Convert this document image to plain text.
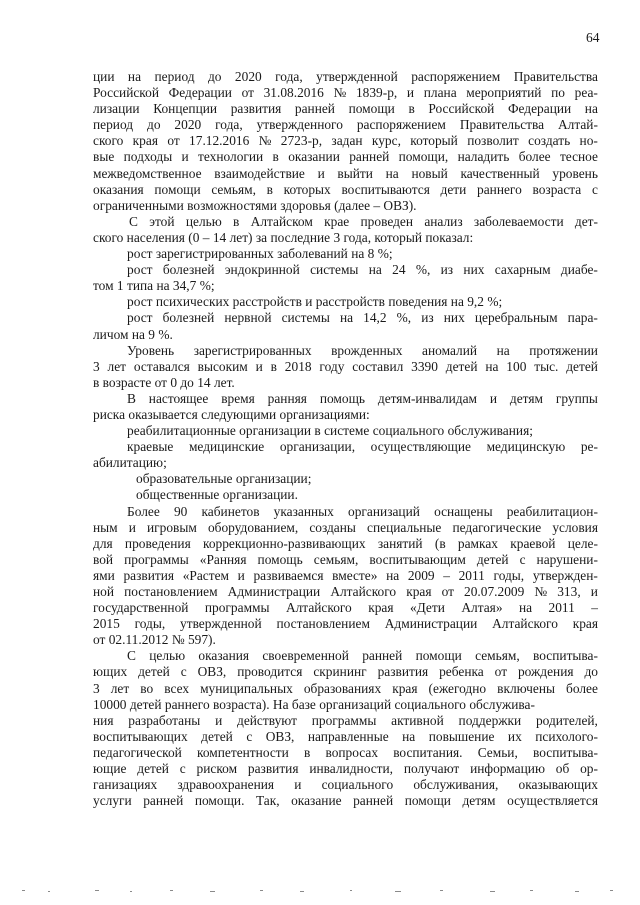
64
ции на период до 2020 года, утвержденной распоряжением Правительства
Российской Федерации от 31.08.2016 № 1839-р, и плана мероприятий по реа-
лизации Концепции развития ранней помощи в Российской Федерации на
период до 2020 года, утвержденного распоряжением Правительства Алтай-
ского края от 17.12.2016 № 2723-р, задан курс, который позволит создать но-
вые подходы и технологии в оказании ранней помощи, наладить более тесное
межведомственное взаимодействие и выйти на новый качественный уровень
оказания помощи семьям, в которых воспитываются дети раннего возраста с
ограниченными возможностями здоровья (далее – ОВЗ).
С этой целью в Алтайском крае проведен анализ заболеваемости дет-
ского населения (0 – 14 лет) за последние 3 года, который показал:
рост зарегистрированных заболеваний на 8 %;
рост болезней эндокринной системы на 24 %, из них сахарным диабе-
том 1 типа на 34,7 %;
рост психических расстройств и расстройств поведения на 9,2 %;
рост болезней нервной системы на 14,2 %, из них церебральным пара-
личом на 9 %.
Уровень зарегистрированных врожденных аномалий на протяжении
3 лет оставался высоким и в 2018 году составил 3390 детей на 100 тыс. детей
в возрасте от 0 до 14 лет.
В настоящее время ранняя помощь детям-инвалидам и детям группы
риска оказывается следующими организациями:
реабилитационные организации в системе социального обслуживания;
краевые медицинские организации, осуществляющие медицинскую ре-
абилитацию;
образовательные организации;
общественные организации.
Более 90 кабинетов указанных организаций оснащены реабилитацион-
ным и игровым оборудованием, созданы специальные педагогические условия
для проведения коррекционно-развивающих занятий (в рамках краевой целе-
вой программы «Ранняя помощь семьям, воспитывающим детей с нарушени-
ями развития «Растем и развиваемся вместе» на 2009 – 2011 годы, утвержден-
ной постановлением Администрации Алтайского края от 20.07.2009 № 313, и
государственной программы Алтайского края «Дети Алтая» на 2011 –
2015 годы, утвержденной постановлением Администрации Алтайского края
от 02.11.2012 № 597).
С целью оказания своевременной ранней помощи семьям, воспитыва-
ющих детей с ОВЗ, проводится скрининг развития ребенка от рождения до
3 лет во всех муниципальных образованиях края (ежегодно включены более
10000 детей раннего возраста). На базе организаций социального обслужива-
ния разработаны и действуют программы активной поддержки родителей,
воспитывающих детей с ОВЗ, направленные на повышение их психолого-
педагогической компетентности в вопросах воспитания. Семьи, воспитыва-
ющие детей с риском развития инвалидности, получают информацию об ор-
ганизациях здравоохранения и социального обслуживания, оказывающих
услуги ранней помощи. Так, оказание ранней помощи детям осуществляется
